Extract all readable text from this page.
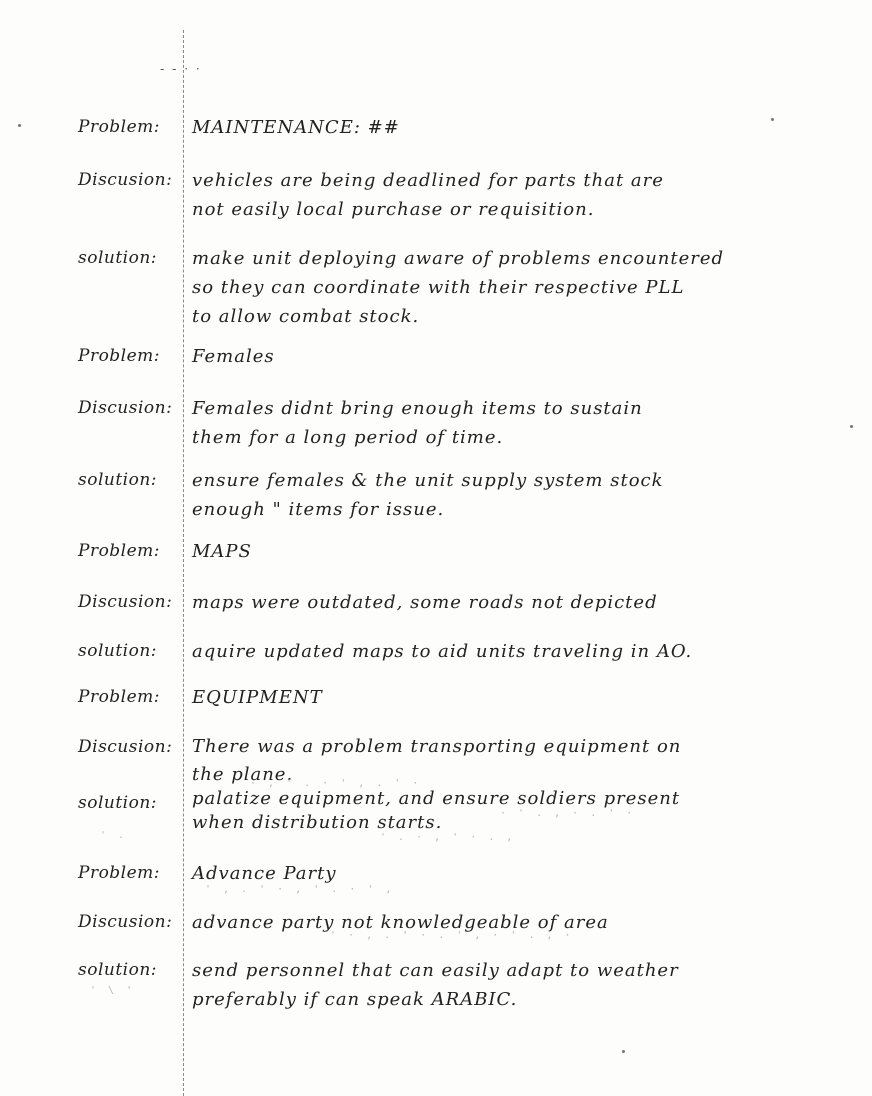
- - · ·
Problem:	MAINTENANCE: ##
Discusion:	vehicles are being deadlined for parts that are
not easily local purchase or requisition.
solution:	make unit deploying aware of problems encountered
so they can coordinate with their respective PLL
to allow combat stock.
Problem:	Females
Discusion:	Females didnt bring enough items to sustain
them for a long period of time.
solution:	ensure females & the unit supply system stock
enough " items for issue.
Problem:	MAPS
Discusion:	maps were outdated, some roads not depicted
solution:	aquire updated maps to aid units traveling in AO.
Problem:	EQUIPMENT
Discusion:	There was a problem transporting equipment on
the plane.
solution:	palatize equipment, and ensure soldiers present
when distribution starts.
Problem:	Advance Party
Discusion:	advance party not knowledgeable of area
solution:	send personnel that can easily adapt to weather
preferably if can speak ARABIC.
· , ' . · ' , . ' ·
· ' . , · . ' ·
' . · , ' · . ,
' , . ' · , ' . · ' ,
' · , . ' · . ' , · ' . , ·
' .
' \ '
